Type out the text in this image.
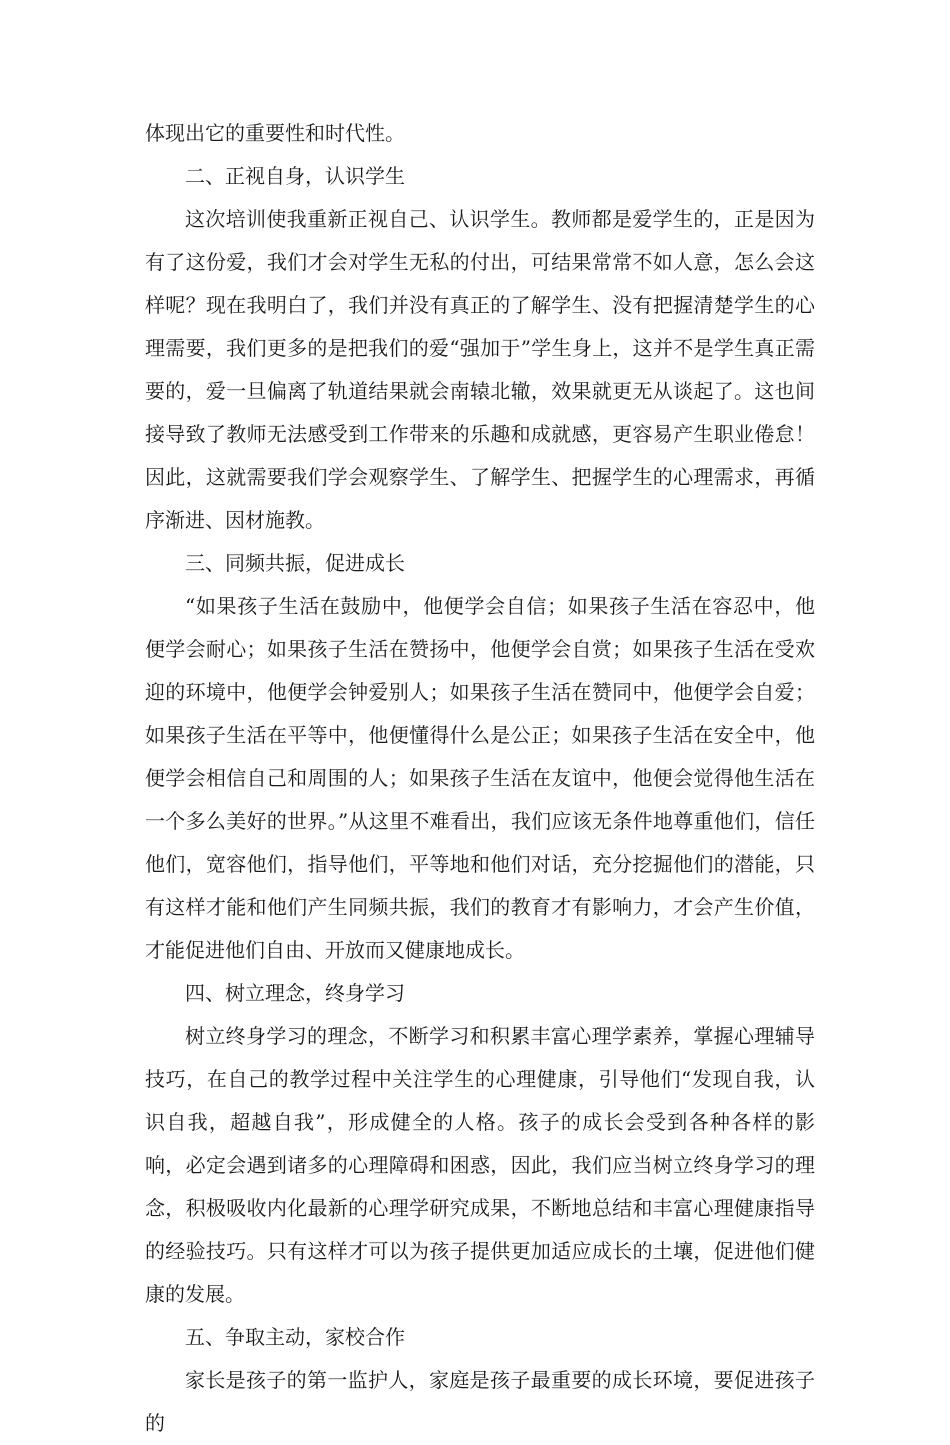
体现出它的重要性和时代性。

二、正视自身，认识学生

这次培训使我重新正视自己、认识学生。教师都是爱学生的，正是因为有了这份爱，我们才会对学生无私的付出，可结果常常不如人意，怎么会这样呢？现在我明白了，我们并没有真正的了解学生、没有把握清楚学生的心理需要，我们更多的是把我们的爱“强加于”学生身上，这并不是学生真正需要的，爱一旦偏离了轨道结果就会南辕北辙，效果就更无从谈起了。这也间接导致了教师无法感受到工作带来的乐趣和成就感，更容易产生职业倦怠！因此，这就需要我们学会观察学生、了解学生、把握学生的心理需求，再循序渐进、因材施教。

三、同频共振，促进成长

“如果孩子生活在鼓励中，他便学会自信；如果孩子生活在容忍中，他便学会耐心；如果孩子生活在赞扬中，他便学会自赏；如果孩子生活在受欢迎的环境中，他便学会钟爱别人；如果孩子生活在赞同中，他便学会自爱；如果孩子生活在平等中，他便懂得什么是公正；如果孩子生活在安全中，他便学会相信自己和周围的人；如果孩子生活在友谊中，他便会觉得他生活在一个多么美好的世界。”从这里不难看出，我们应该无条件地尊重他们，信任他们，宽容他们，指导他们，平等地和他们对话，充分挖掘他们的潜能，只有这样才能和他们产生同频共振，我们的教育才有影响力，才会产生价值，才能促进他们自由、开放而又健康地成长。

四、树立理念，终身学习

树立终身学习的理念，不断学习和积累丰富心理学素养，掌握心理辅导技巧，在自己的教学过程中关注学生的心理健康，引导他们“发现自我，认识自我，超越自我”，形成健全的人格。孩子的成长会受到各种各样的影响，必定会遇到诸多的心理障碍和困惑，因此，我们应当树立终身学习的理念，积极吸收内化最新的心理学研究成果，不断地总结和丰富心理健康指导的经验技巧。只有这样才可以为孩子提供更加适应成长的土壤，促进他们健康的发展。

五、争取主动，家校合作

家长是孩子的第一监护人，家庭是孩子最重要的成长环境，要促进孩子的
